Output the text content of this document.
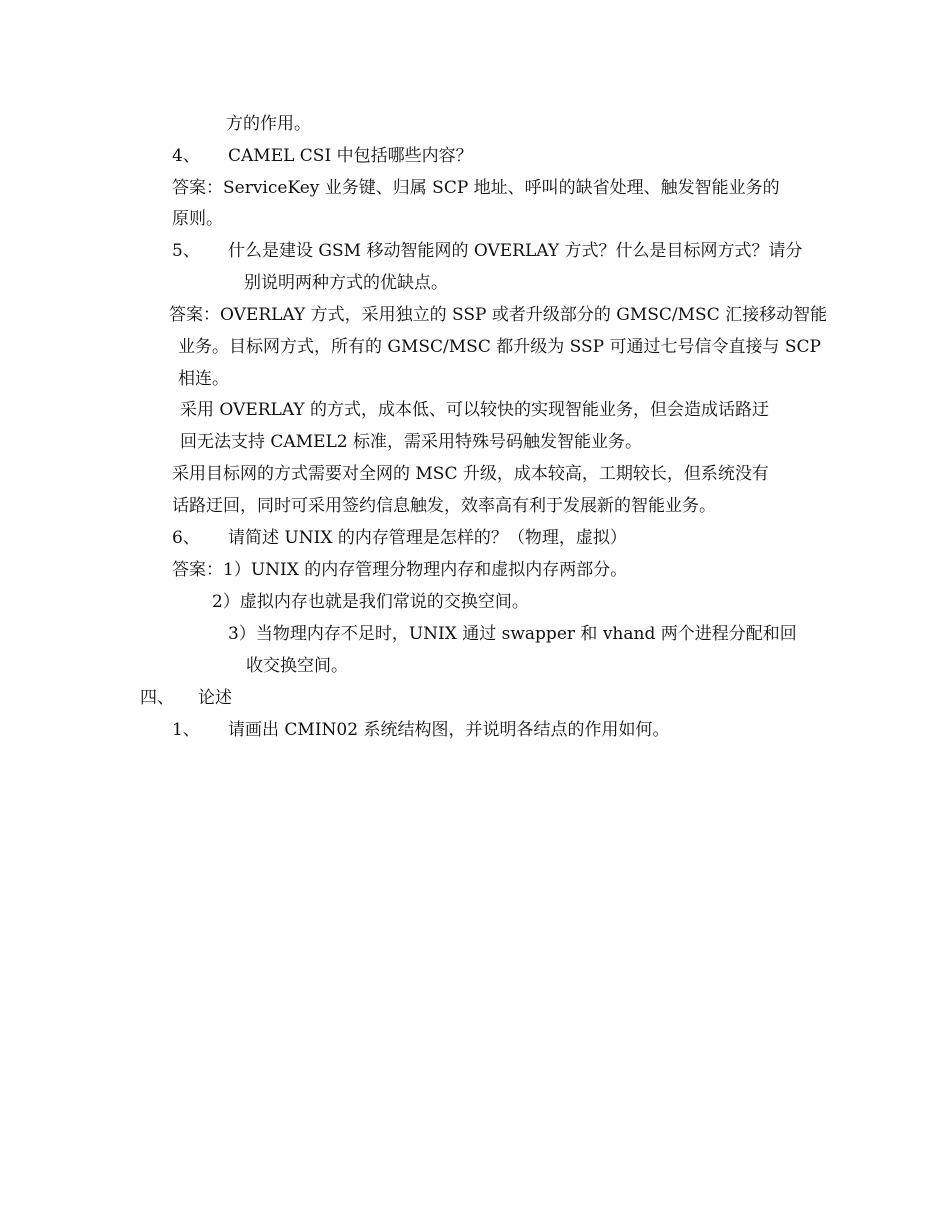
方的作用。
4、 CAMEL CSI 中包括哪些内容？
答案：ServiceKey 业务键、归属 SCP 地址、呼叫的缺省处理、触发智能业务的
原则。
5、 什么是建设 GSM 移动智能网的 OVERLAY 方式？什么是目标网方式？请分
别说明两种方式的优缺点。
答案：OVERLAY 方式，采用独立的 SSP 或者升级部分的 GMSC/MSC 汇接移动智能
业务。目标网方式，所有的 GMSC/MSC 都升级为 SSP 可通过七号信令直接与 SCP
相连。
采用 OVERLAY 的方式，成本低、可以较快的实现智能业务，但会造成话路迂
回无法支持 CAMEL2 标准，需采用特殊号码触发智能业务。
采用目标网的方式需要对全网的 MSC 升级，成本较高，工期较长，但系统没有
话路迂回，同时可采用签约信息触发，效率高有利于发展新的智能业务。
6、 请简述 UNIX 的内存管理是怎样的？（物理，虚拟）
答案：1）UNIX 的内存管理分物理内存和虚拟内存两部分。
2）虚拟内存也就是我们常说的交换空间。
3）当物理内存不足时，UNIX 通过 swapper 和 vhand 两个进程分配和回
收交换空间。
四、 论述
1、 请画出 CMIN02 系统结构图，并说明各结点的作用如何。
